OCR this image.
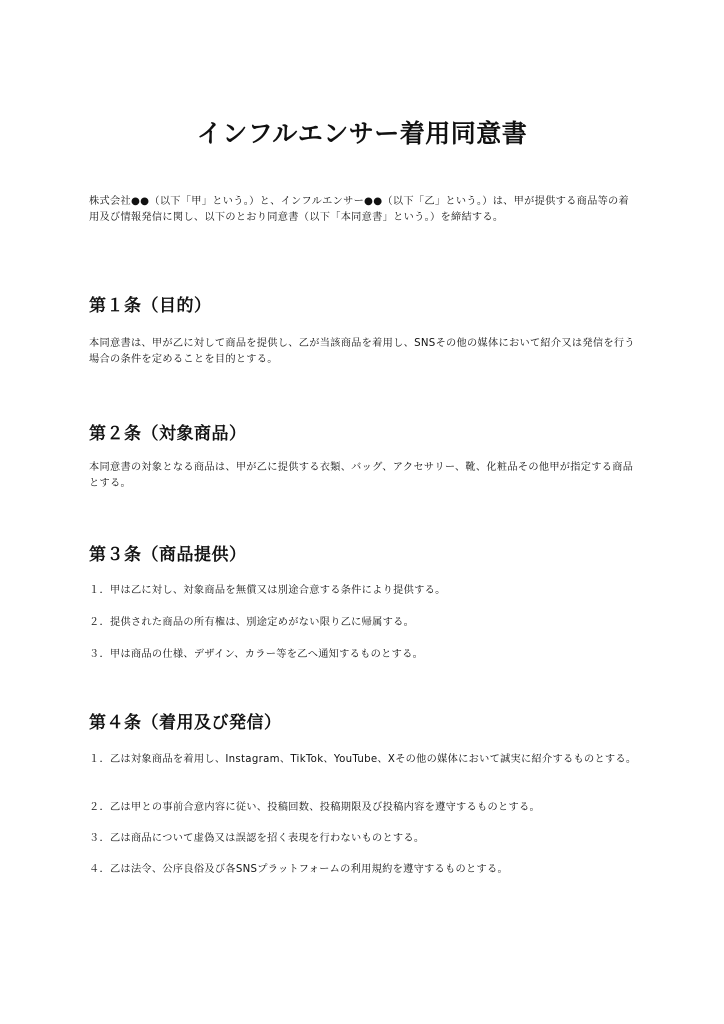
インフルエンサー着用同意書

株式会社●●（以下「甲」という。）と、インフルエンサー●●（以下「乙」という。）は、甲が提供する商品等の着用及び情報発信に関し、以下のとおり同意書（以下「本同意書」という。）を締結する。

第１条（目的）

本同意書は、甲が乙に対して商品を提供し、乙が当該商品を着用し、SNSその他の媒体において紹介又は発信を行う場合の条件を定めることを目的とする。

第２条（対象商品）

本同意書の対象となる商品は、甲が乙に提供する衣類、バッグ、アクセサリー、靴、化粧品その他甲が指定する商品とする。

第３条（商品提供）
１．甲は乙に対し、対象商品を無償又は別途合意する条件により提供する。
２．提供された商品の所有権は、別途定めがない限り乙に帰属する。
３．甲は商品の仕様、デザイン、カラー等を乙へ通知するものとする。
第４条（着用及び発信）
１．乙は対象商品を着用し、Instagram、TikTok、YouTube、Xその他の媒体において誠実に紹介するものとする。
２．乙は甲との事前合意内容に従い、投稿回数、投稿期限及び投稿内容を遵守するものとする。
３．乙は商品について虚偽又は誤認を招く表現を行わないものとする。
４．乙は法令、公序良俗及び各SNSプラットフォームの利用規約を遵守するものとする。
